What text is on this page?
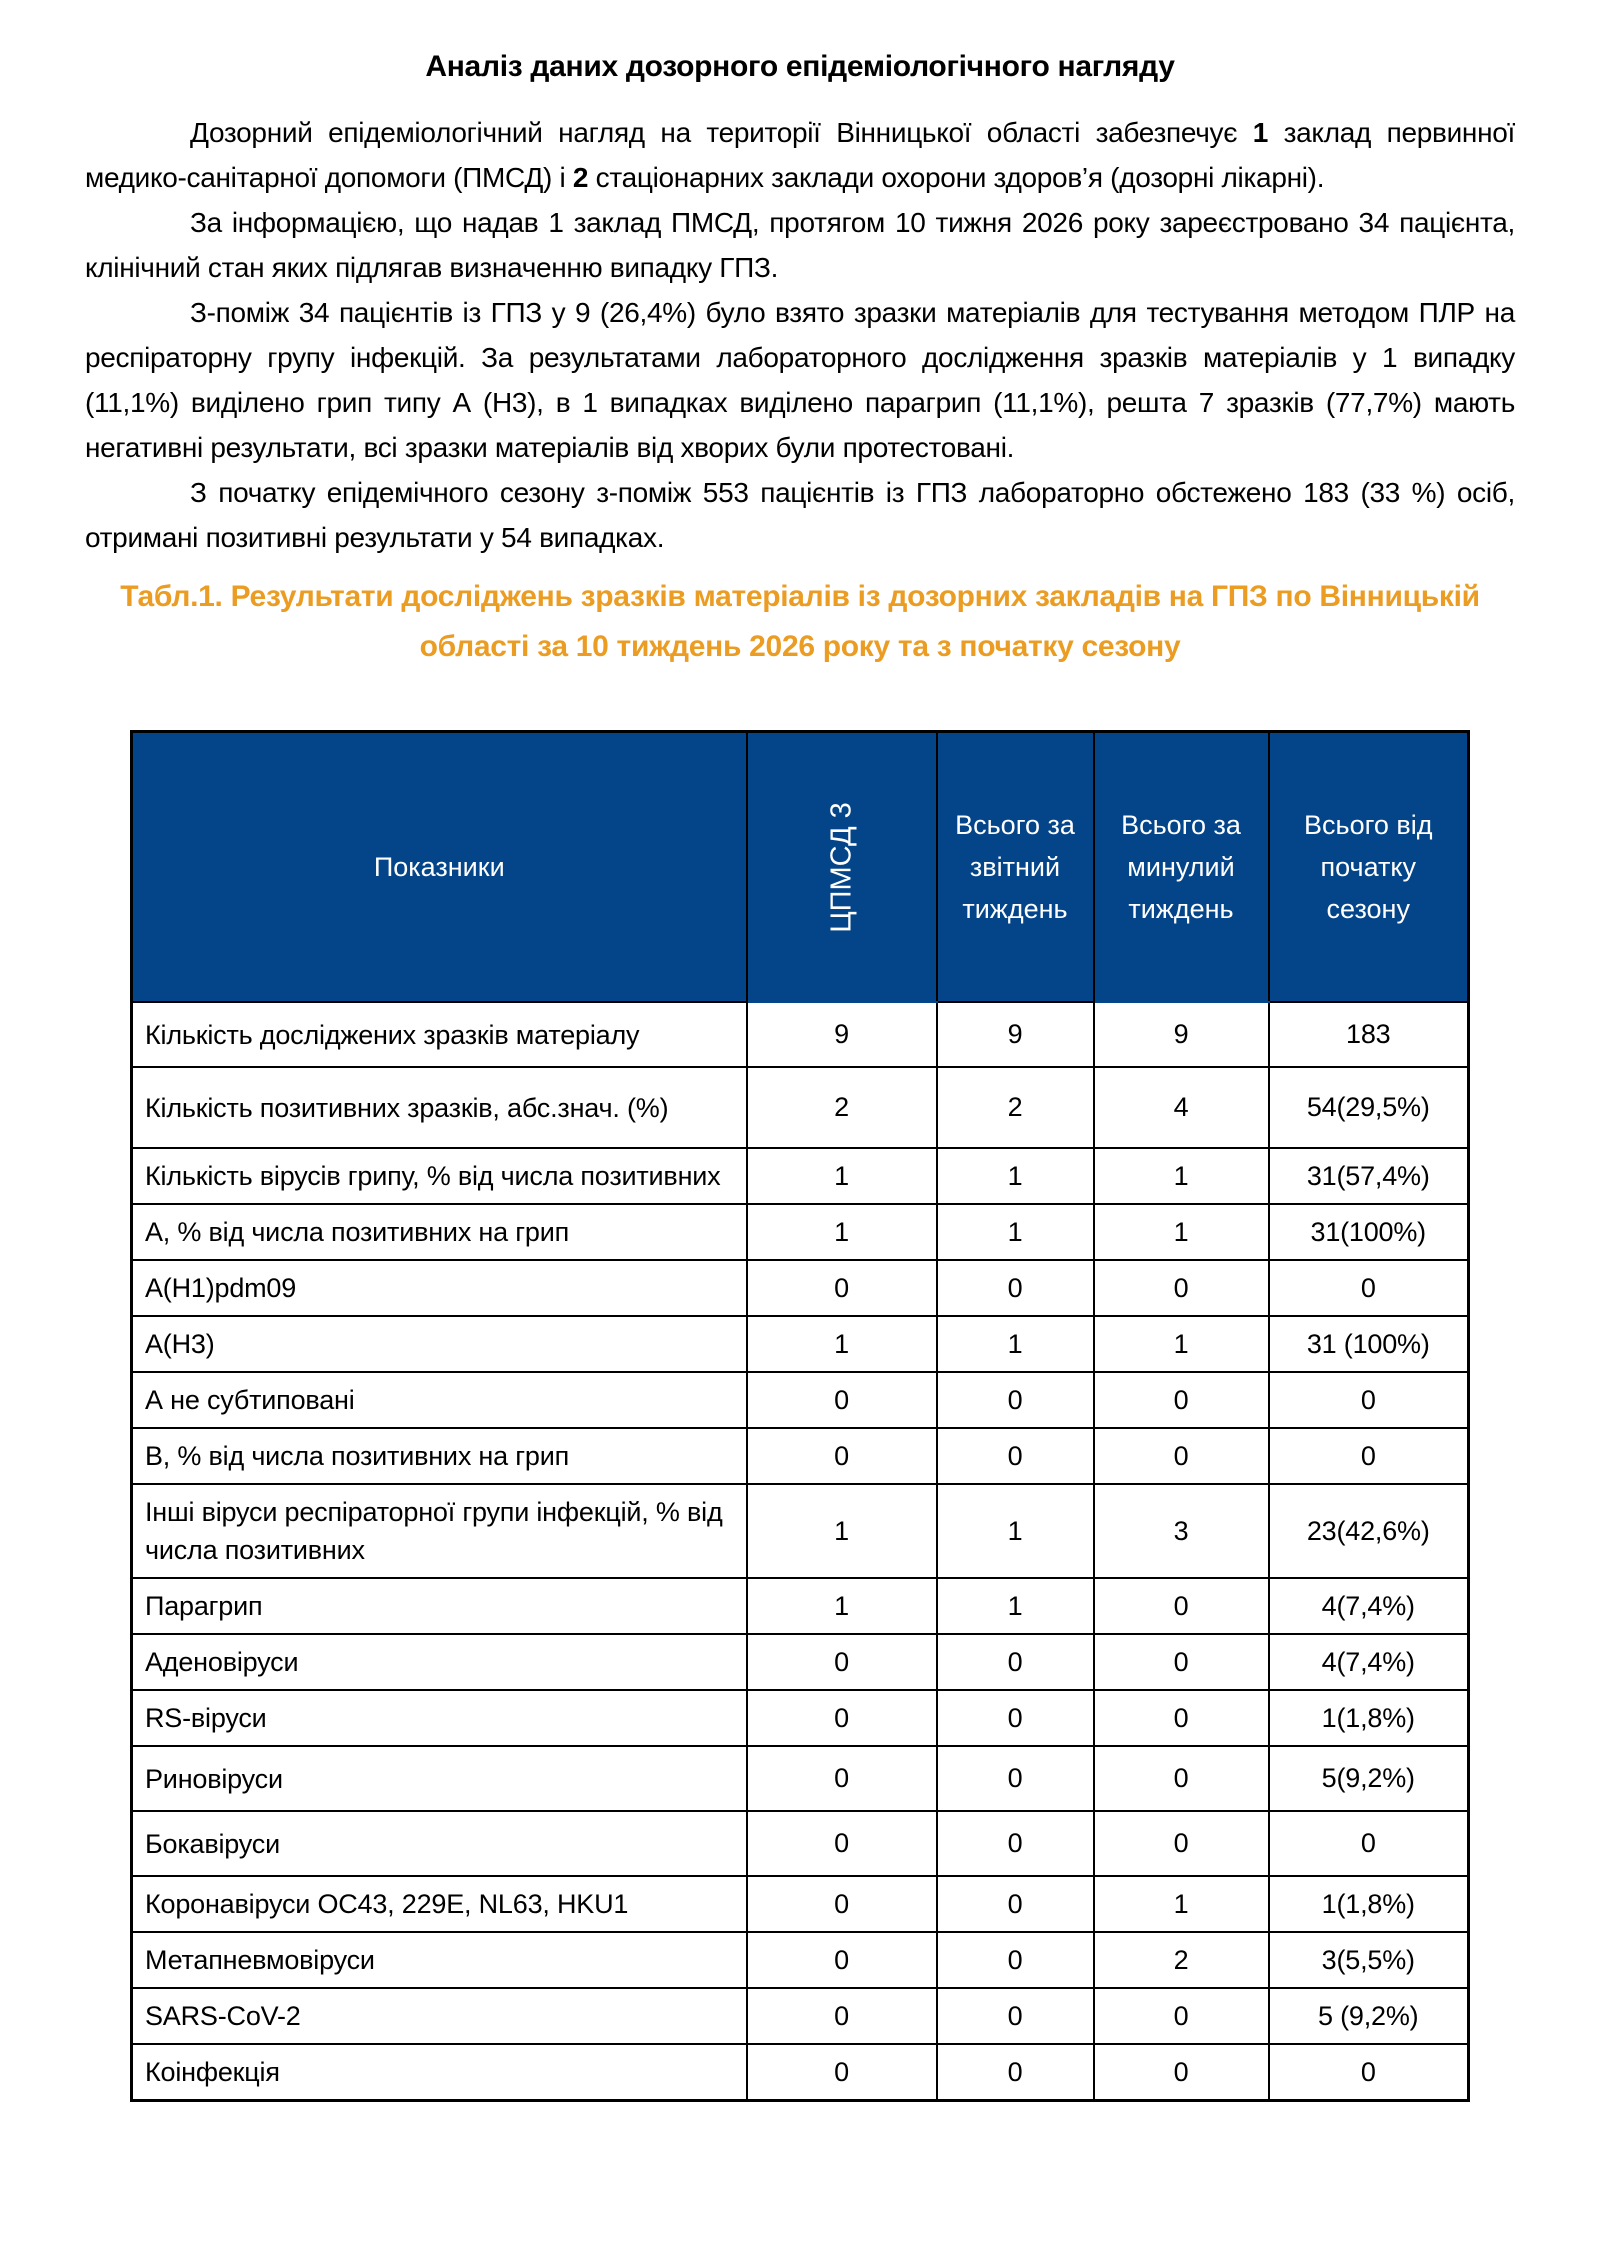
Аналіз даних дозорного епідеміологічного нагляду

Дозорний епідеміологічний нагляд на території Вінницької області забезпечує 1 заклад первинної медико-санітарної допомоги (ПМСД) і 2 стаціонарних заклади охорони здоров’я (дозорні лікарні).

За інформацією, що надав 1 заклад ПМСД, протягом 10 тижня 2026 року зареєстровано 34 пацієнта, клінічний стан яких підлягав визначенню випадку ГПЗ.

З-поміж 34 пацієнтів із ГПЗ у 9 (26,4%) було взято зразки матеріалів для тестування методом ПЛР на респіраторну групу інфекцій. За результатами лабораторного дослідження зразків матеріалів у 1 випадку (11,1%) виділено грип типу А (Н3), в 1 випадках виділено парагрип (11,1%), решта 7 зразків (77,7%) мають негативні результати, всі зразки матеріалів від хворих були протестовані.

З початку епідемічного сезону з-поміж 553 пацієнтів із ГПЗ лабораторно обстежено 183 (33 %) осіб, отримані позитивні результати у 54 випадках.

Табл.1. Результати досліджень зразків матеріалів із дозорних закладів на ГПЗ по Вінницькій області за 10 тиждень 2026 року та з початку сезону
Показники	ЦПМСД 3	Всього за звітний тиждень	Всього за минулий тиждень	Всього від початку сезону
Кількість досліджених зразків матеріалу	9	9	9	183
Кількість позитивних зразків, абс.знач. (%)	2	2	4	54(29,5%)
Кількість вірусів грипу, % від числа позитивних	1	1	1	31(57,4%)
А, % від числа позитивних на грип	1	1	1	31(100%)
A(H1)pdm09	0	0	0	0
A(H3)	1	1	1	31 (100%)
А не субтиповані	0	0	0	0
В, % від числа позитивних на грип	0	0	0	0
Інші віруси респіраторної групи інфекцій, % від числа позитивних	1	1	3	23(42,6%)
Парагрип	1	1	0	4(7,4%)
Аденовіруси	0	0	0	4(7,4%)
RS-віруси	0	0	0	1(1,8%)
Риновіруси	0	0	0	5(9,2%)
Бокавіруси	0	0	0	0
Коронавіруси ОС43, 229E, NL63, HKU1	0	0	1	1(1,8%)
Метапневмовіруси	0	0	2	3(5,5%)
SARS-CoV-2	0	0	0	5 (9,2%)
Коінфекція	0	0	0	0
